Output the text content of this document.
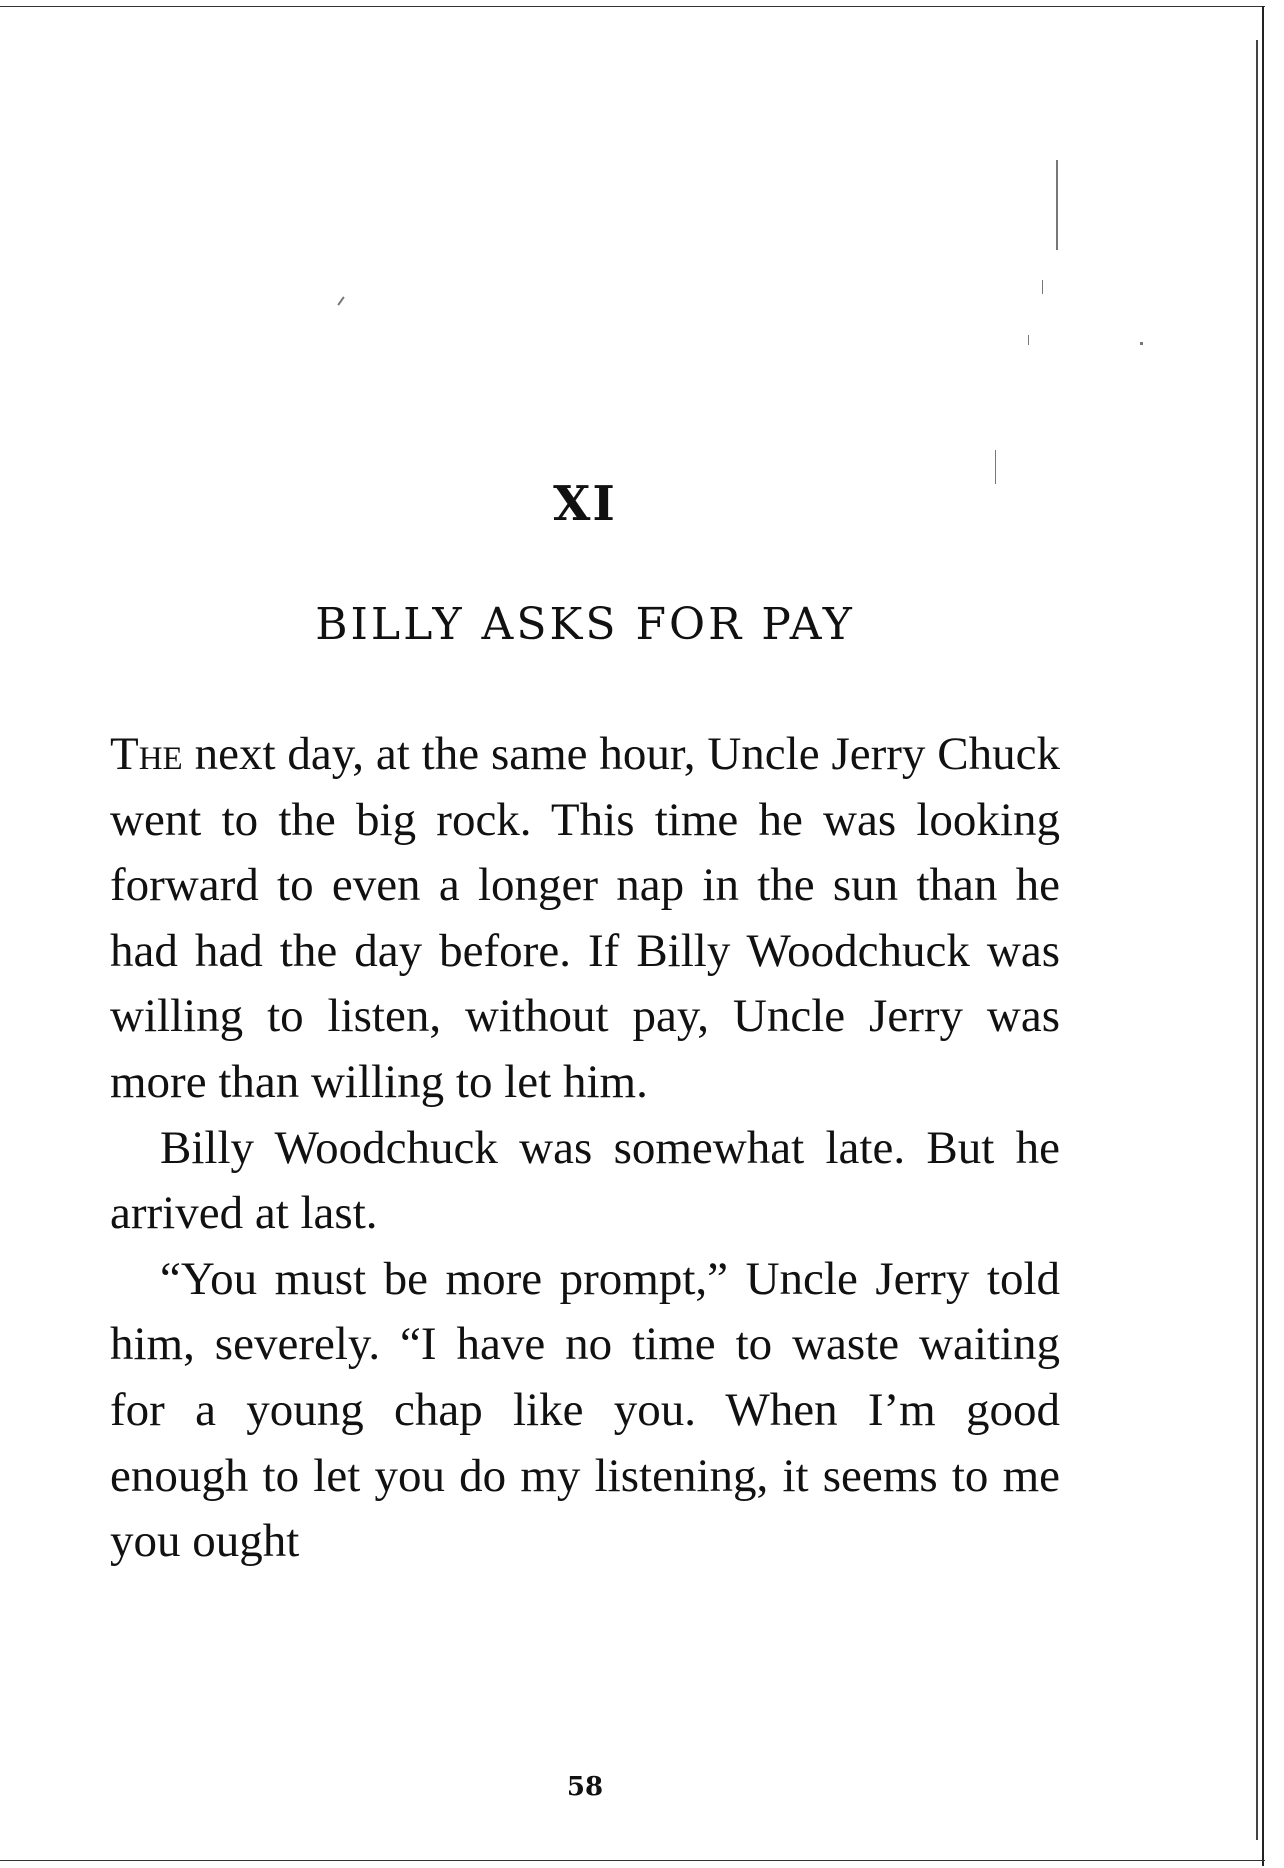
XI
BILLY ASKS FOR PAY

The next day, at the same hour, Uncle Jerry Chuck went to the big rock. This time he was looking forward to even a longer nap in the sun than he had had the day before. If Billy Woodchuck was willing to listen, without pay, Uncle Jerry was more than willing to let him.

Billy Woodchuck was somewhat late. But he arrived at last.

“You must be more prompt,” Uncle Jerry told him, severely. “I have no time to waste waiting for a young chap like you. When I’m good enough to let you do my listening, it seems to me you ought

58
